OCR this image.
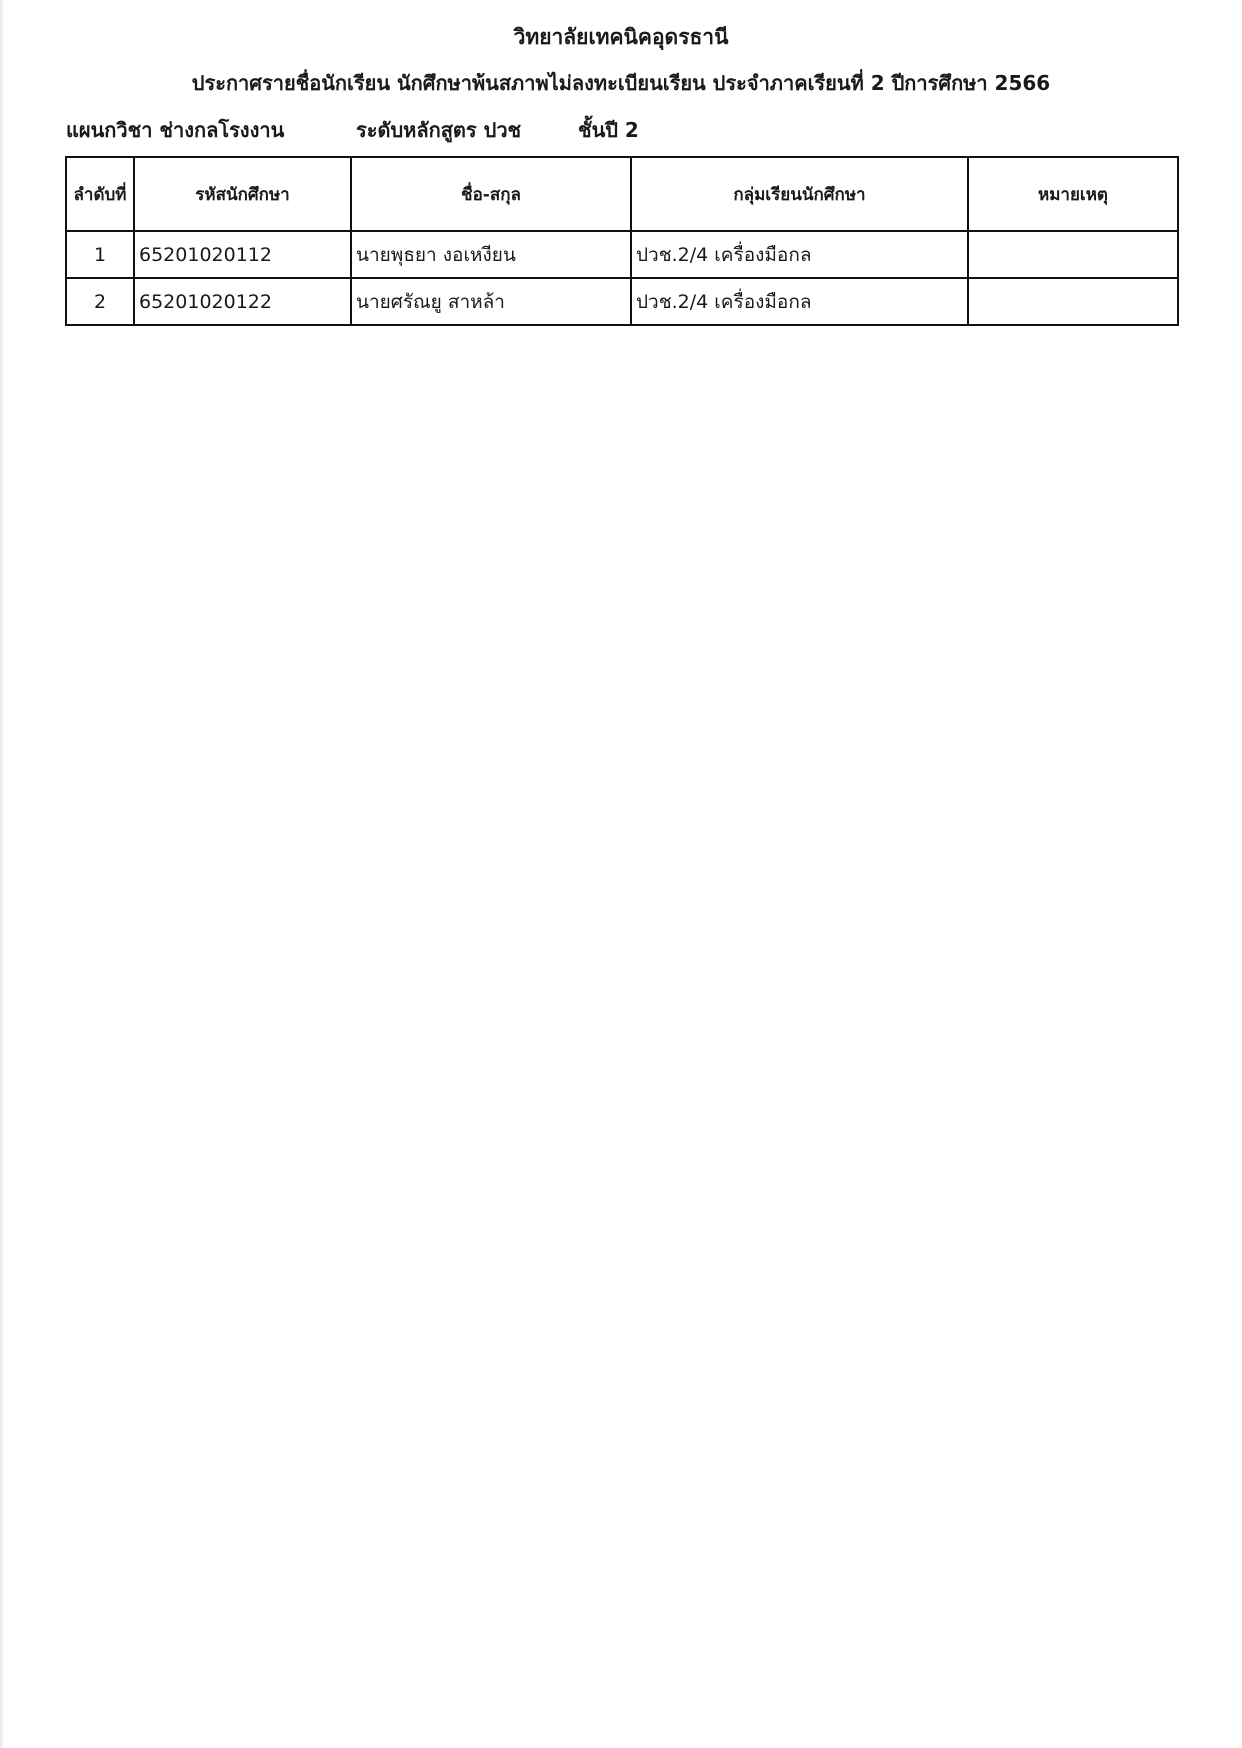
วิทยาลัยเทคนิคอุดรธานี
ประกาศรายชื่อนักเรียน นักศึกษาพ้นสภาพไม่ลงทะเบียนเรียน ประจำภาคเรียนที่ 2 ปีการศึกษา 2566
แผนกวิชา ช่างกลโรงงาน	ระดับหลักสูตร ปวช	ชั้นปี 2
ลำดับที่	รหัสนักศึกษา	ชื่อ-สกุล	กลุ่มเรียนนักศึกษา	หมายเหตุ
1	65201020112	นายพุธยา งอเหงียน	ปวช.2/4 เครื่องมือกล	
2	65201020122	นายศรัณยู สาหล้า	ปวช.2/4 เครื่องมือกล	
